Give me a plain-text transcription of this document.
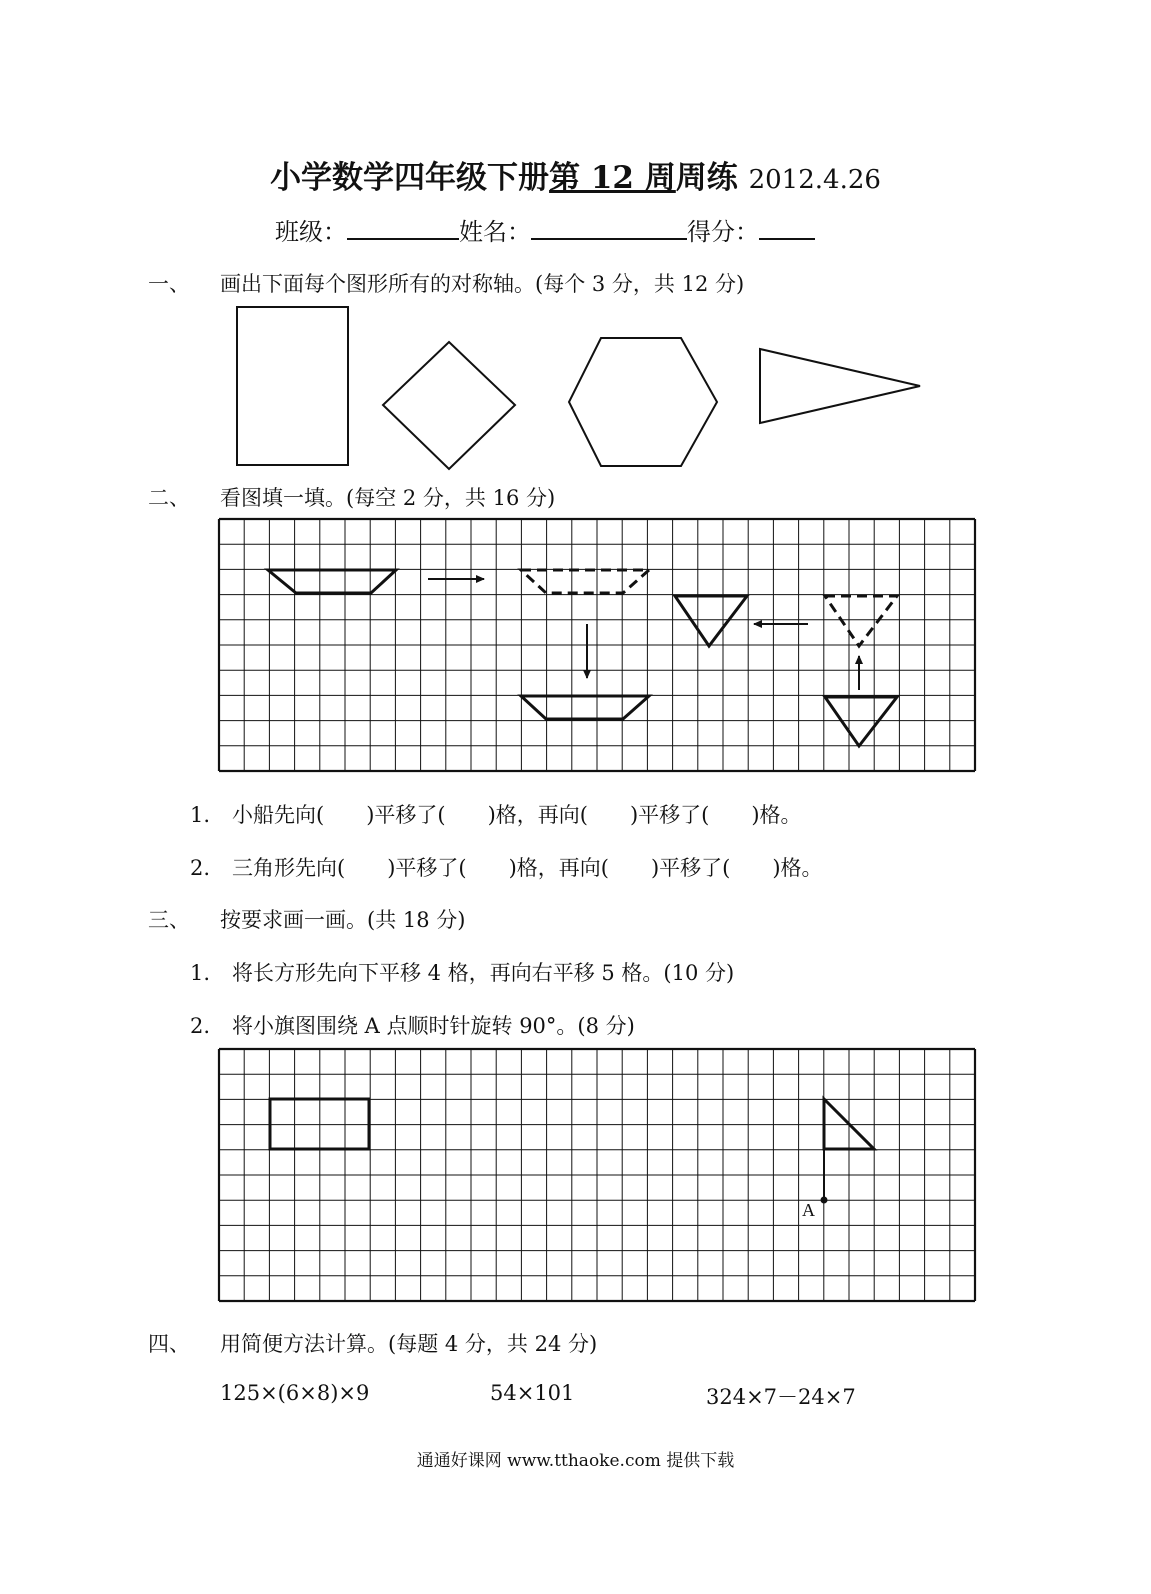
小学数学四年级下册第 12 周周练 2012.4.26
班级：	姓名：	得分：
一、 画出下面每个图形所有的对称轴。(每个 3 分，共 12 分)
二、 看图填一填。(每空 2 分，共 16 分)
1. 小船先向(　　)平移了(　　)格，再向(　　)平移了(　　)格。
2. 三角形先向(　　)平移了(　　)格，再向(　　)平移了(　　)格。
三、 按要求画一画。(共 18 分)
1. 将长方形先向下平移 4 格，再向右平移 5 格。(10 分)
2. 将小旗图围绕 A 点顺时针旋转 90°。(8 分)
四、 用简便方法计算。(每题 4 分，共 24 分)
125×(6×8)×9	54×101	324×7－24×7
通通好课网 www.tthaoke.com 提供下载
A
